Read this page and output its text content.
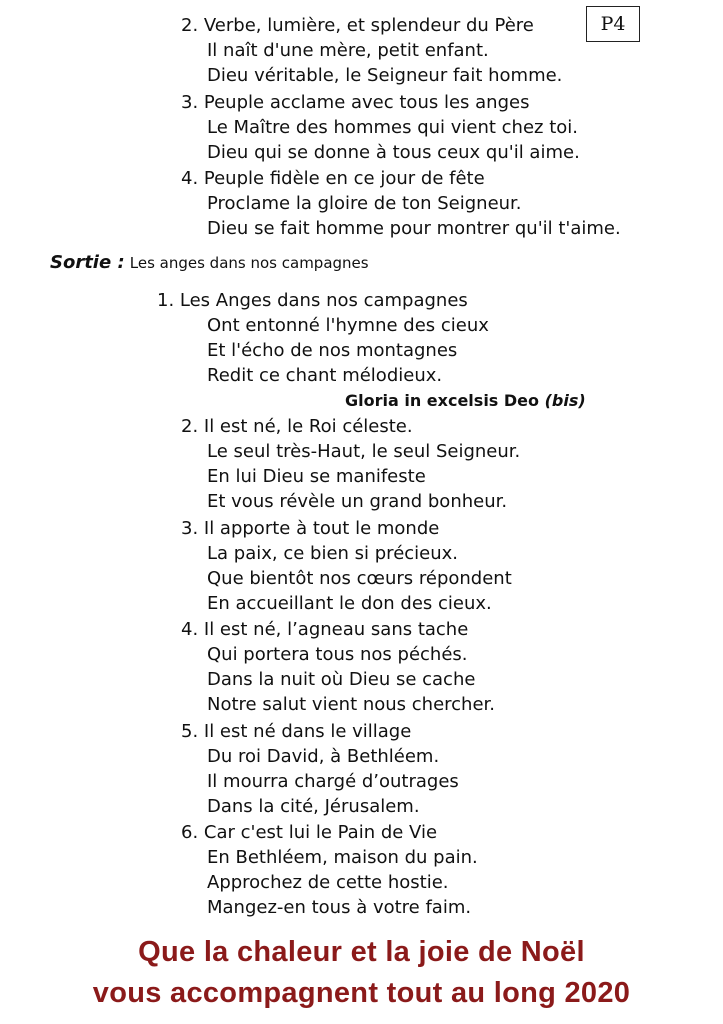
P4
2. Verbe, lumière, et splendeur du Père
Il naît d'une mère, petit enfant.
Dieu véritable, le Seigneur fait homme.
3. Peuple acclame avec tous les anges
Le Maître des hommes qui vient chez toi.
Dieu qui se donne à tous ceux qu'il aime.
4. Peuple fidèle en ce jour de fête
Proclame la gloire de ton Seigneur.
Dieu se fait homme pour montrer qu'il t'aime.
Sortie : Les anges dans nos campagnes
1. Les Anges dans nos campagnes
Ont entonné l'hymne des cieux
Et l'écho de nos montagnes
Redit ce chant mélodieux.
Gloria in excelsis Deo (bis)
2. Il est né, le Roi céleste.
Le seul très-Haut, le seul Seigneur.
En lui Dieu se manifeste
Et vous révèle un grand bonheur.
3. Il apporte à tout le monde
La paix, ce bien si précieux.
Que bientôt nos cœurs répondent
En accueillant le don des cieux.
4. Il est né, l’agneau sans tache
Qui portera tous nos péchés.
Dans la nuit où Dieu se cache
Notre salut vient nous chercher.
5. Il est né dans le village
Du roi David, à Bethléem.
Il mourra chargé d’outrages
Dans la cité, Jérusalem.
6. Car c'est lui le Pain de Vie
En Bethléem, maison du pain.
Approchez de cette hostie.
Mangez-en tous à votre faim.
Que la chaleur et la joie de Noël
vous accompagnent tout au long 2020
